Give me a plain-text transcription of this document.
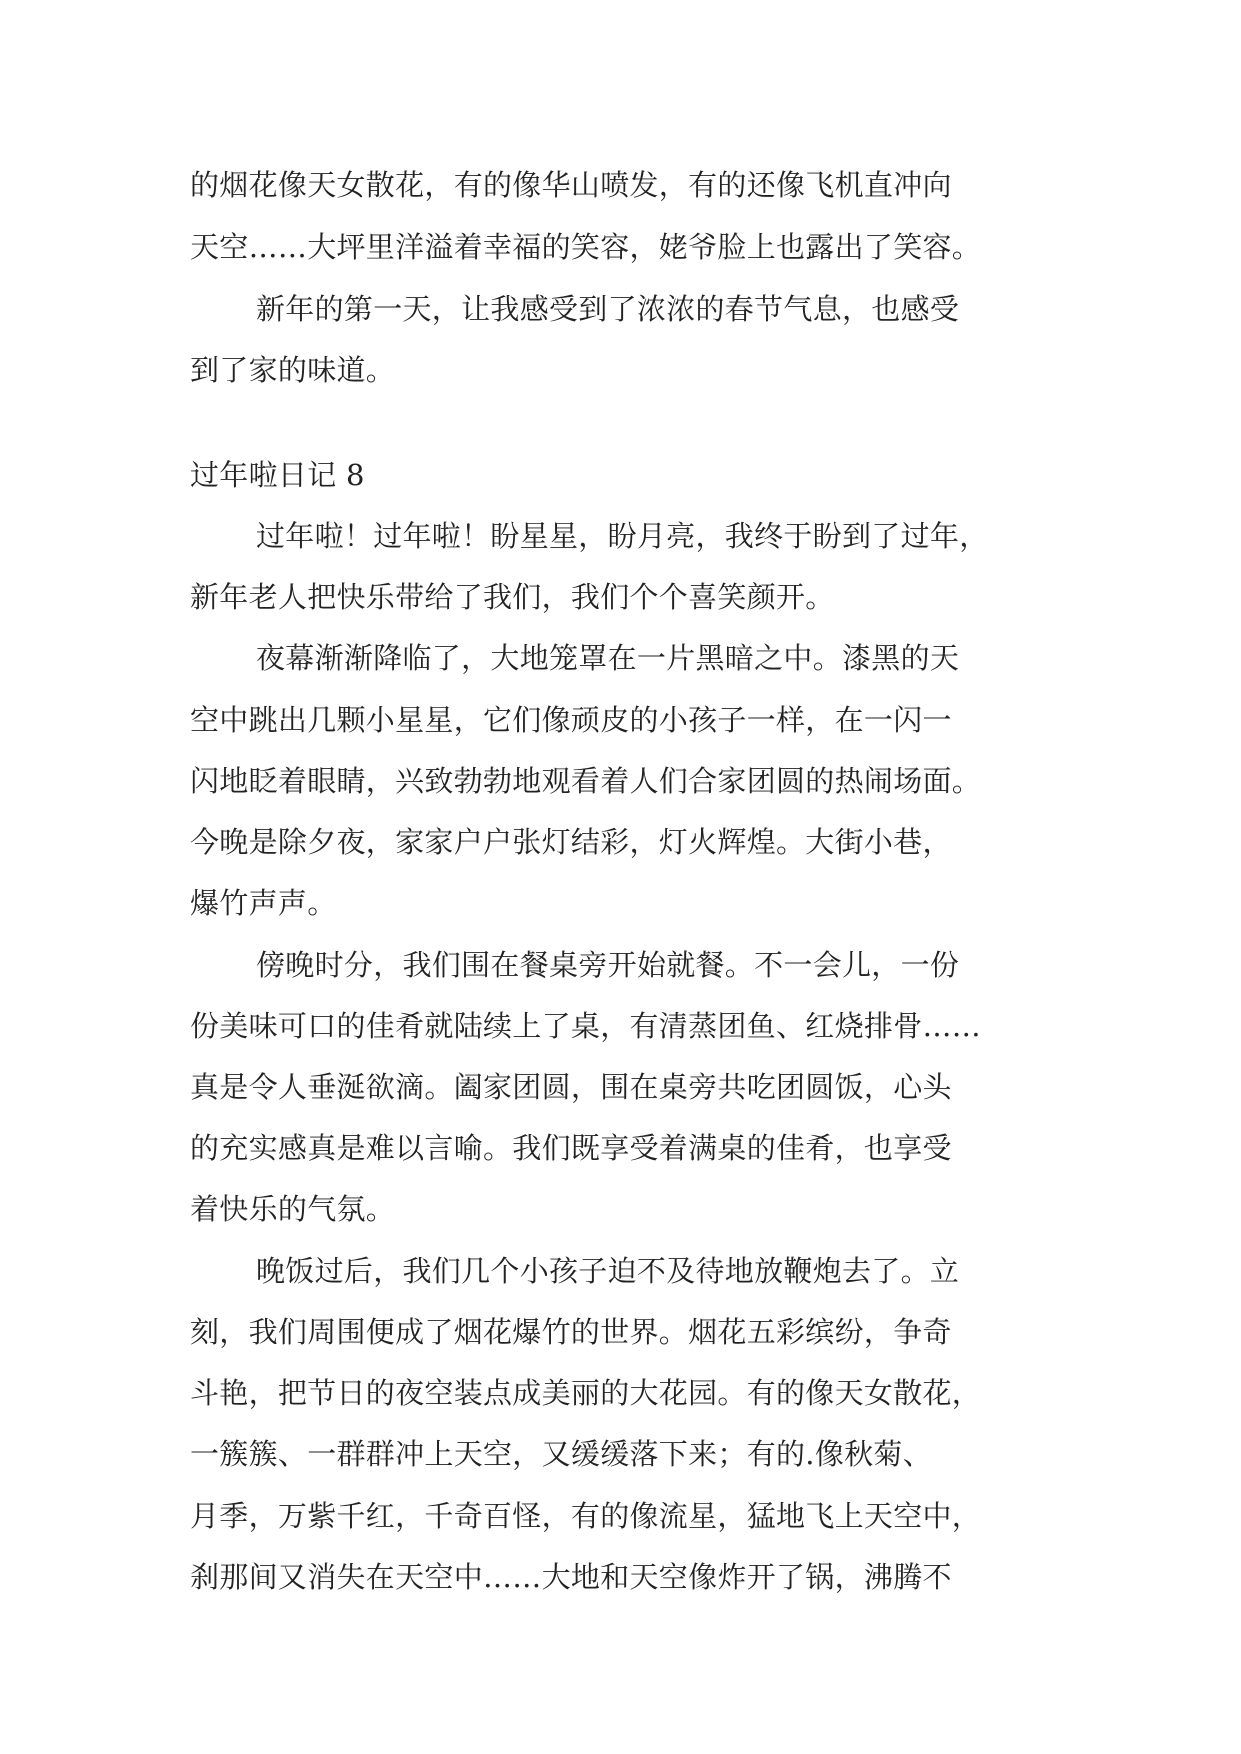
的烟花像天女散花，有的像华山喷发，有的还像飞机直冲向
天空……大坪里洋溢着幸福的笑容，姥爷脸上也露出了笑容。
新年的第一天，让我感受到了浓浓的春节气息，也感受
到了家的味道。
过年啦日记 8
过年啦！过年啦！盼星星，盼月亮，我终于盼到了过年，
新年老人把快乐带给了我们，我们个个喜笑颜开。
夜幕渐渐降临了，大地笼罩在一片黑暗之中。漆黑的天
空中跳出几颗小星星，它们像顽皮的小孩子一样，在一闪一
闪地眨着眼睛，兴致勃勃地观看着人们合家团圆的热闹场面。
今晚是除夕夜，家家户户张灯结彩，灯火辉煌。大街小巷，
爆竹声声。
傍晚时分，我们围在餐桌旁开始就餐。不一会儿，一份
份美味可口的佳肴就陆续上了桌，有清蒸团鱼、红烧排骨……
真是令人垂涎欲滴。阖家团圆，围在桌旁共吃团圆饭，心头
的充实感真是难以言喻。我们既享受着满桌的佳肴，也享受
着快乐的气氛。
晚饭过后，我们几个小孩子迫不及待地放鞭炮去了。立
刻，我们周围便成了烟花爆竹的世界。烟花五彩缤纷，争奇
斗艳，把节日的夜空装点成美丽的大花园。有的像天女散花，
一簇簇、一群群冲上天空，又缓缓落下来；有的.像秋菊、
月季，万紫千红，千奇百怪，有的像流星，猛地飞上天空中，
刹那间又消失在天空中……大地和天空像炸开了锅，沸腾不
